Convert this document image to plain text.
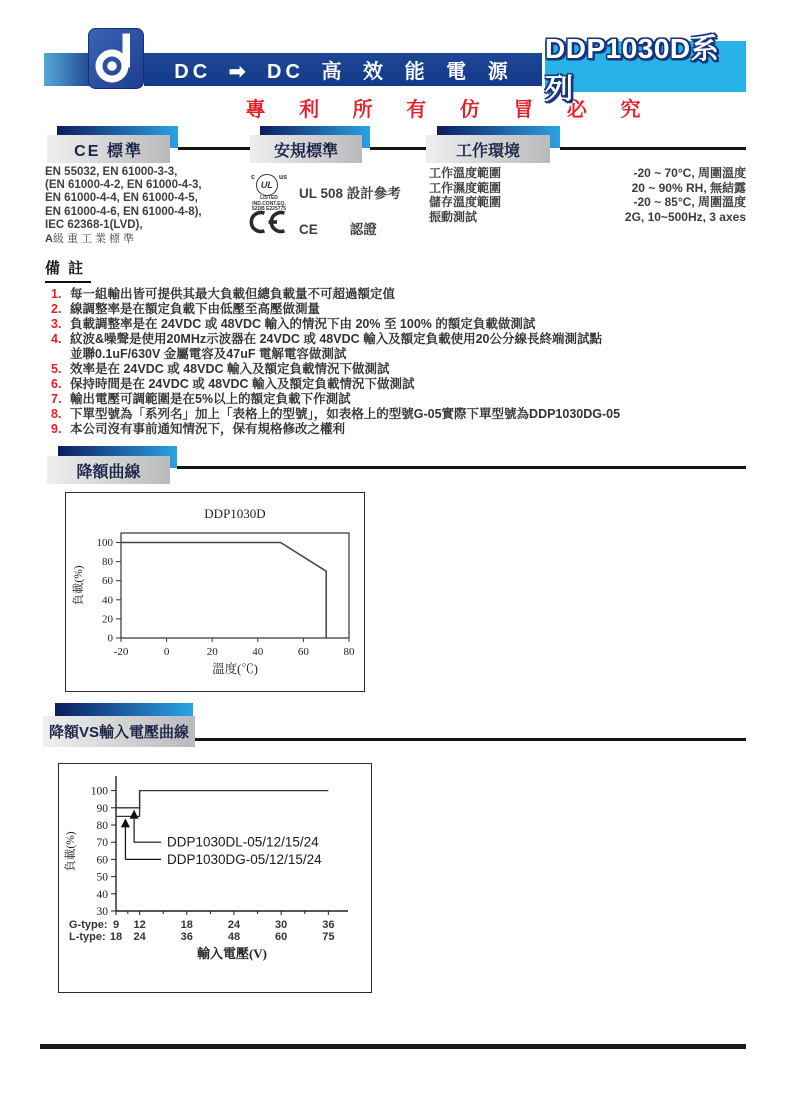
DC ➡ DC 高 效 能 電 源
DDP1030D系列
專 利 所 有 仿 冒 必 究
CE 標準	安規標準	工作環境
EN 55032, EN 61000-3-3,
(EN 61000-4-2, EN 61000-4-3,
EN 61000-4-4, EN 61000-4-5,
EN 61000-4-6, EN 61000-4-8),
IEC 62368-1(LVD),
A級重工業標準
c
UL
us
LISTED
IND.CONT.EQ.
52DB E225775
UL 508 設計參考
CE 認證
工作溫度範圍	-20 ~ 70°C, 周圍溫度
工作濕度範圍	20 ~ 90% RH, 無結露
儲存溫度範圍	-20 ~ 85°C, 周圍溫度
振動測試	2G, 10~500Hz, 3 axes
備 註
1. 每一組輸出皆可提供其最大負載但總負載量不可超過額定值
2. 線調整率是在額定負載下由低壓至高壓做測量
3. 負載調整率是在 24VDC 或 48VDC 輸入的情況下由 20% 至 100% 的額定負載做測試
4. 紋波&噪聲是使用20MHz示波器在 24VDC 或 48VDC 輸入及額定負載使用20公分線長終端測試點
並聯0.1uF/630V 金屬電容及47uF 電解電容做測試
5. 效率是在 24VDC 或 48VDC 輸入及額定負載情況下做測試
6. 保持時間是在 24VDC 或 48VDC 輸入及額定負載情況下做測試
7. 輸出電壓可調範圍是在5%以上的額定負載下作測試
8. 下單型號為「系列名」加上「表格上的型號」，如表格上的型號G-05實際下單型號為DDP1030DG-05
9. 本公司沒有事前通知情況下，保有規格修改之權利
降額曲線
DDP1030D
-20	0	20	40	60	80
0
20
40
60
80
100
溫度(℃)
負載(%)
降額VS輸入電壓曲線
30
40
50
60
70
80
90
100
G-type: 9 12	18	24	30	36
L-type: 18 24	36	48	60	75
輸入電壓(V)
負載(%)	DDP1030DL-05/12/15/24
DDP1030DG-05/12/15/24
